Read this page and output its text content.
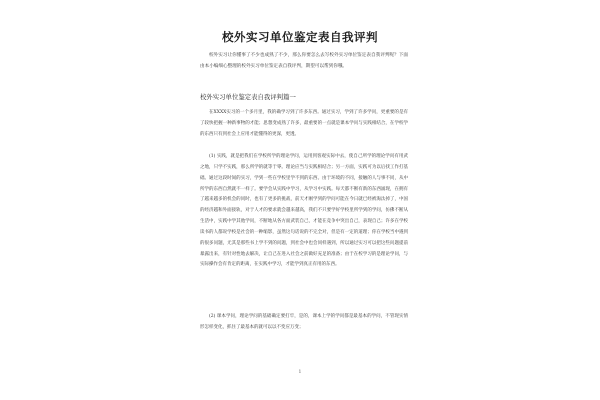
校外实习单位鉴定表自我评判
校外实习让你懂事了不少也成熟了不少，那么你要怎么去写校外实习单位鉴定表自我评判呢？下面由本小编细心整理的校外实习单位鉴定表自我评判，期望可以帮到你哦。
校外实习单位鉴定表自我评判篇一
在XXXX实习的一个多月里，我的确学习到了许多东西。通过实习，学到了许多学问，更重要的是有了较快把握一种新事物的才能；思想变成熟了许多，最重要的一点就是课本学问与实践相结合，在学校学的东西只有到社会上应用才能懂得的更深，更透。
(1) 实践，就是把我们在学校所学的理论学问，运用到客观实际中去，使自己所学的理论学问有用武之地，只学不实践，那么所学的就等于零。理论应当与实践相结合；另一方面，实践可为以后找工作打基础。通过这段时间的实习，学到一些在学校里学不到的东西。由于环境的不同，接触的人与事不同，从中所学的东西自然就不一样了。要学会从实践中学习，从学习中实践。每天都不断有新的东西涌现，在拥有了越来越多的机会的同时，也有了更多的挑战，前天才刚学到的学问可能在今日就已经被淘汰掉了，中国的经济越和外面接轨，对于人才的要求就会越来越高，我们不只要学好学校里所学到的学问，仿佛不断从生活中，实践中学其他学问，不断地从各方面武装自己，才能在竞争中突出自己，表现自己；许多在学校读书的人都说学校是社会的一种缩影，虽然这句话说的不完全对，但是有一定的道理；你在学校当中遇到的很多问题，尤其是那些书上学不到的问题，到社会中也会同样遇到，所以通过实习可以把这些问题提前暴露出来，有针对性地去解决，让自己在进入社会之前做好充足的准备；由于在校学习的是理论学问，与实际操作会有肯定的距离，在实践中学习，才能学到真正有用的东西。
(2) 课本学问，理论学问的基础确定要打牢，是的，课本上学的学问都是最基本的学问，不管现实情形怎样变化，抓住了最基本的就可以以不变应万变；
1
